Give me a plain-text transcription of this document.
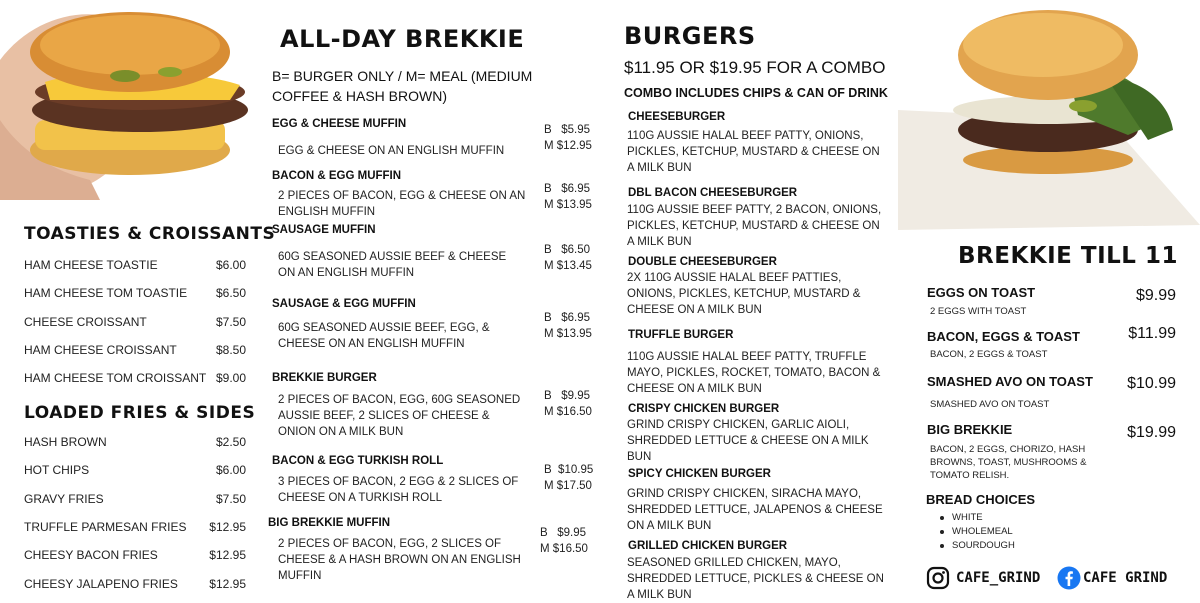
TOASTIES & CROISSANTS
HAM CHEESE TOASTIE	$6.00
HAM CHEESE TOM TOASTIE $6.50
CHEESE CROISSANT	$7.50
HAM CHEESE CROISSANT	$8.50
HAM CHEESE TOM CROISSANT $9.00
LOADED FRIES & SIDES
HASH BROWN	$2.50
HOT CHIPS	$6.00
GRAVY FRIES	$7.50
TRUFFLE PARMESAN FRIES $12.95
CHEESY BACON FRIES	$12.95
CHEESY JALAPENO FRIES	$12.95
ALL-DAY BREKKIE
B= BURGER ONLY / M= MEAL (MEDIUM COFFEE & HASH BROWN)
EGG & CHEESE MUFFIN
EGG & CHEESE ON AN ENGLISH MUFFIN
B   $5.95
M $12.95
BACON & EGG MUFFIN
2 PIECES OF BACON, EGG & CHEESE ON AN ENGLISH MUFFIN
B   $6.95
M $13.95
SAUSAGE MUFFIN
60G SEASONED AUSSIE BEEF & CHEESE ON AN ENGLISH MUFFIN
B   $6.50
M $13.45
SAUSAGE & EGG MUFFIN
60G SEASONED AUSSIE BEEF, EGG, & CHEESE ON AN ENGLISH MUFFIN
B   $6.95
M $13.95
BREKKIE BURGER
2 PIECES OF BACON, EGG, 60G SEASONED AUSSIE BEEF, 2 SLICES OF CHEESE & ONION ON A MILK BUN
B   $9.95
M $16.50
BACON & EGG TURKISH ROLL
3 PIECES OF BACON, 2 EGG & 2 SLICES OF CHEESE ON A TURKISH ROLL
B  $10.95
M $17.50
BIG BREKKIE MUFFIN
2 PIECES OF BACON, EGG, 2 SLICES OF CHEESE & A HASH BROWN ON AN ENGLISH MUFFIN
B   $9.95
M $16.50
BURGERS
$11.95 OR $19.95 FOR A COMBO
COMBO INCLUDES CHIPS & CAN OF DRINK
CHEESEBURGER
110G AUSSIE HALAL BEEF PATTY, ONIONS, PICKLES, KETCHUP, MUSTARD & CHEESE ON A MILK BUN
DBL BACON CHEESEBURGER
110G AUSSIE BEEF PATTY, 2 BACON, ONIONS, PICKLES, KETCHUP, MUSTARD & CHEESE ON A MILK BUN
DOUBLE CHEESEBURGER
2X 110G AUSSIE HALAL BEEF PATTIES, ONIONS, PICKLES, KETCHUP, MUSTARD & CHEESE ON A MILK BUN
TRUFFLE BURGER
110G AUSSIE HALAL BEEF PATTY, TRUFFLE MAYO, PICKLES, ROCKET, TOMATO, BACON & CHEESE ON A MILK BUN
CRISPY CHICKEN BURGER
GRIND CRISPY CHICKEN, GARLIC AIOLI, SHREDDED LETTUCE & CHEESE ON A MILK BUN
SPICY CHICKEN BURGER
GRIND CRISPY CHICKEN, SIRACHA MAYO, SHREDDED LETTUCE, JALAPENOS & CHEESE ON A MILK BUN
GRILLED CHICKEN BURGER
SEASONED GRILLED CHICKEN, MAYO, SHREDDED LETTUCE, PICKLES & CHEESE ON A MILK BUN
BREKKIE TILL 11
EGGS ON TOAST
2 EGGS WITH TOAST
$9.99
BACON, EGGS & TOAST
BACON, 2 EGGS & TOAST
$11.99
SMASHED AVO ON TOAST
SMASHED AVO ON TOAST
$10.99
BIG BREKKIE
BACON, 2 EGGS, CHORIZO, HASH BROWNS, TOAST, MUSHROOMS & TOMATO RELISH.
$19.99
BREAD CHOICES
WHITE
WHOLEMEAL
SOURDOUGH
CAFE_GRIND	CAFE GRIND
